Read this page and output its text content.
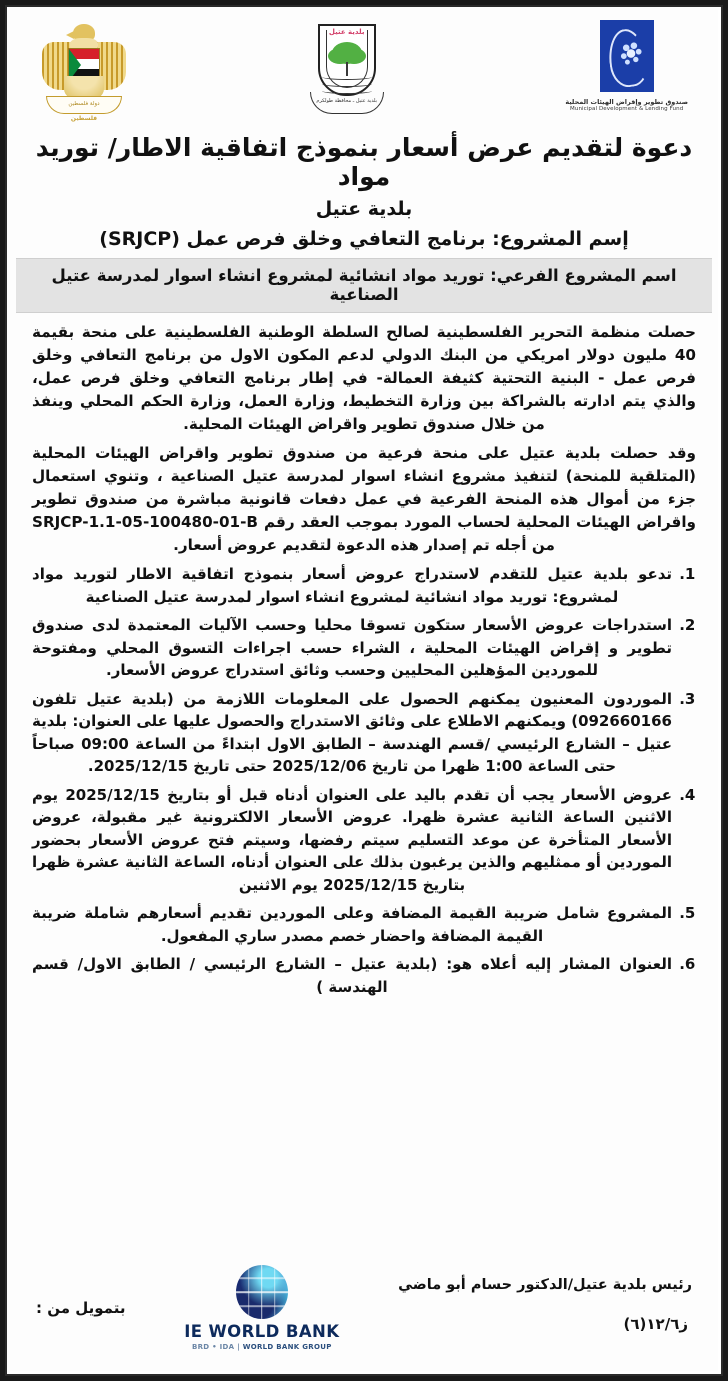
صندوق تطوير وإقراض الهيئات المحلية
Municipal Development & Lending Fund
بلدية عتيل
بلدية عتيل ـ محافظة طولكرم
دولة فلسطين
فلسطين
دعوة لتقديم عرض أسعار بنموذج اتفاقية الاطار/ توريد مواد
بلدية عتيل
إسم المشروع: برنامج التعافي وخلق فرص عمل (SRJCP)
اسم المشروع الفرعي: توريد مواد انشائية لمشروع انشاء اسوار لمدرسة عتيل الصناعية

حصلت منظمة التحرير الفلسطينية لصالح السلطة الوطنية الفلسطينية على منحة بقيمة 40 مليون دولار امريكي من البنك الدولي لدعم المكون الاول من برنامج التعافي وخلق فرص عمل - البنية التحتية كثيفة العمالة- في إطار برنامج التعافي وخلق فرص عمل، والذي يتم ادارته بالشراكة بين وزارة التخطيط، وزارة العمل، وزارة الحكم المحلي وينفذ من خلال صندوق تطوير واقراض الهيئات المحلية.

وقد حصلت بلدية عتيل على منحة فرعية من صندوق تطوير واقراض الهيئات المحلية (المتلقية للمنحة) لتنفيذ مشروع انشاء اسوار لمدرسة عتيل الصناعية ، وتنوي استعمال جزء من أموال هذه المنحة الفرعية في عمل دفعات قانونية مباشرة من صندوق تطوير واقراض الهيئات المحلية لحساب المورد بموجب العقد رقم SRJCP-1.1-05-100480-01-B من أجله تم إصدار هذه الدعوة لتقديم عروض أسعار.

1. تدعو بلدية عتيل للتقدم لاستدراج عروض أسعار بنموذج اتفاقية الاطار لتوريد مواد لمشروع: توريد مواد انشائية لمشروع انشاء اسوار لمدرسة عتيل الصناعية
2. استدراجات عروض الأسعار ستكون تسوقا محليا وحسب الآليات المعتمدة لدى صندوق تطوير و إقراض الهيئات المحلية ، الشراء حسب اجراءات التسوق المحلي ومفتوحة للموردين المؤهلين المحليين وحسب وثائق استدراج عروض الأسعار.
3. الموردون المعنيون يمكنهم الحصول على المعلومات اللازمة من (بلدية عتيل تلفون 092660166) ويمكنهم الاطلاع على وثائق الاستدراج والحصول عليها على العنوان: بلدية عتيل – الشارع الرئيسي /قسم الهندسة – الطابق الاول ابتداءً من الساعة 09:00 صباحاً حتى الساعة 1:00 ظهرا من تاريخ 2025/12/06 حتى تاريخ 2025/12/15.
4. عروض الأسعار يجب أن تقدم باليد على العنوان أدناه قبل أو بتاريخ 2025/12/15 يوم الاثنين الساعة الثانية عشرة ظهرا. عروض الأسعار الالكترونية غير مقبولة، عروض الأسعار المتأخرة عن موعد التسليم سيتم رفضها، وسيتم فتح عروض الأسعار بحضور الموردين أو ممثليهم والذين يرغبون بذلك على العنوان أدناه، الساعة الثانية عشرة ظهرا بتاريخ 2025/12/15 يوم الاثنين
5. المشروع شامل ضريبة القيمة المضافة وعلى الموردين تقديم أسعارهم شاملة ضريبة القيمة المضافة واحضار خصم مصدر ساري المفعول.
6. العنوان المشار إليه أعلاه هو: (بلدية عتيل – الشارع الرئيسي / الطابق الاول/ قسم الهندسة )
رئيس بلدية عتيل/الدكتور حسام أبو ماضي
ز١٢/٦(٦)
IE WORLD BANK
BRD • IDA | WORLD BANK GROUP
بتمويل من :
